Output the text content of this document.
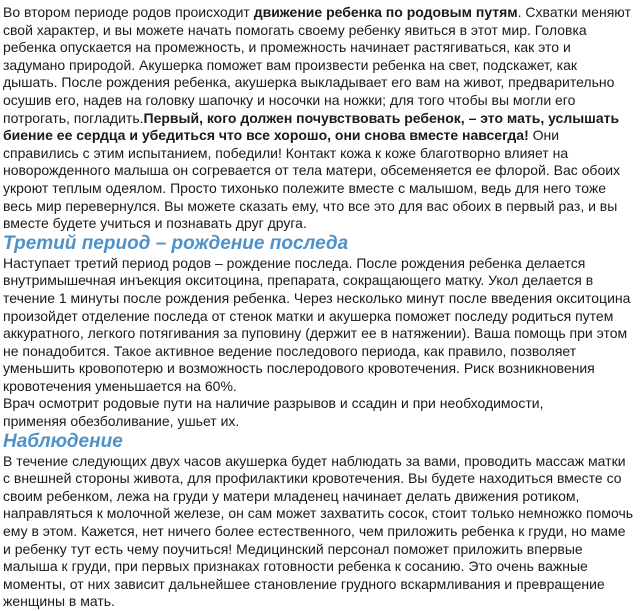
Во втором периоде родов происходит движение ребенка по родовым путям. Схватки меняют свой характер, и вы можете начать помогать своему ребенку явиться в этот мир. Головка ребенка опускается на промежность, и промежность начинает растягиваться, как это и задумано природой. Акушерка поможет вам произвести ребенка на свет, подскажет, как дышать. После рождения ребенка, акушерка выкладывает его вам на живот, предварительно осушив его, надев на головку шапочку и носочки на ножки; для того чтобы вы могли его потрогать, погладить.Первый, кого должен почувствовать ребенок, – это мать, услышать биение ее сердца и убедиться что все хорошо, они снова вместе навсегда! Они справились с этим испытанием, победили! Контакт кожа к коже благотворно влияет на новорожденного малыша он согревается от тела матери, обсеменяется ее флорой. Вас обоих укроют теплым одеялом. Просто тихонько полежите вместе с малышом, ведь для него тоже весь мир перевернулся. Вы можете сказать ему, что все это для вас обоих в первый раз, и вы вместе будете учиться и познавать друг друга.

Третий период – рождение последа

Наступает третий период родов – рождение последа. После рождения ребенка делается внутримышечная инъекция окситоцина, препарата, сокращающего матку. Укол делается в течение 1 минуты после рождения ребенка. Через несколько минут после введения окситоцина произойдет отделение последа от стенок матки и акушерка поможет последу родиться путем аккуратного, легкого потягивания за пуповину (держит ее в натяжении). Ваша помощь при этом не понадобится. Такое активное ведение последового периода, как правило, позволяет уменьшить кровопотерю и возможность послеродового кровотечения. Риск возникновения кровотечения уменьшается на 60%.

Врач осмотрит родовые пути на наличие разрывов и ссадин и при необходимости,

применяя обезболивание, ушьет их.

Наблюдение

В течение следующих двух часов акушерка будет наблюдать за вами, проводить массаж матки с внешней стороны живота, для профилактики кровотечения. Вы будете находиться вместе со своим ребенком, лежа на груди у матери младенец начинает делать движения ротиком, направляться к молочной железе, он сам может захватить сосок, стоит только немножко помочь ему в этом. Кажется, нет ничего более естественного, чем приложить ребенка к груди, но маме и ребенку тут есть чему поучиться! Медицинский персонал поможет приложить впервые малыша к груди, при первых признаках готовности ребенка к сосанию. Это очень важные моменты, от них зависит дальнейшее становление грудного вскармливания и превращение женщины в мать.
